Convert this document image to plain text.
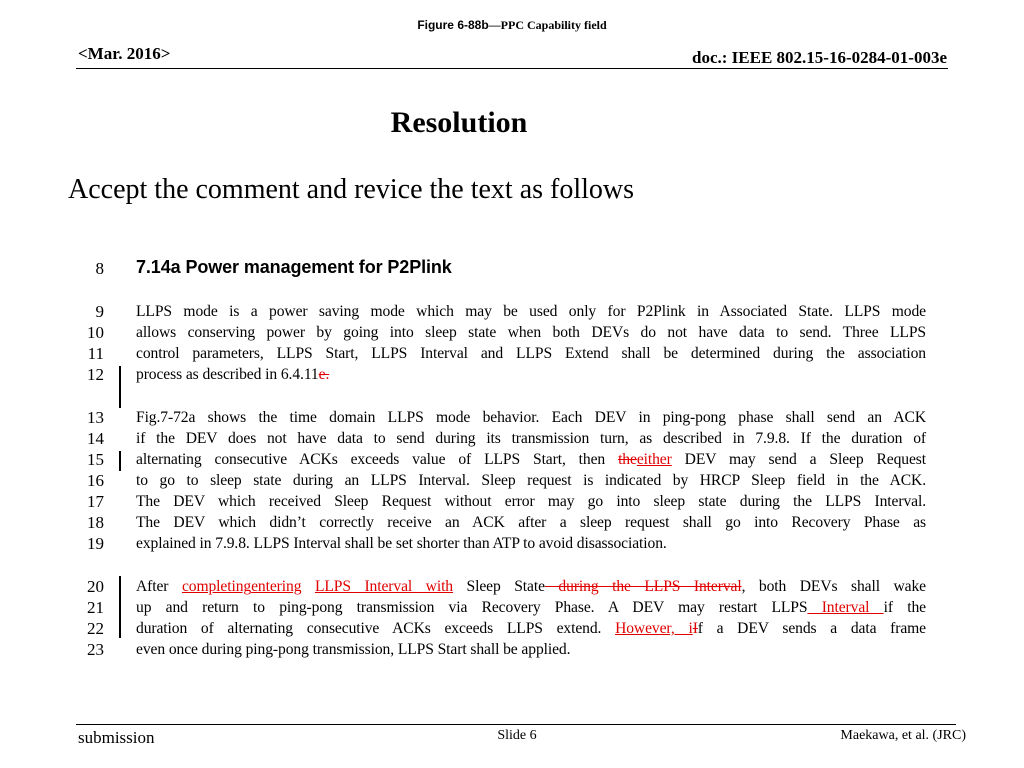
Figure 6-88b—PPC Capability field
<Mar. 2016>	doc.: IEEE 802.15-16-0284-01-003e
Resolution
Accept the comment and revice the text as follows
8
9
10
11
12
13
14
15
16
17
18
19
20
21
22
23
7.14a Power management for P2Plink
LLPS mode is a power saving mode which may be used only for P2Plink in Associated State. LLPS mode
allows conserving power by going into sleep state when both DEVs do not have data to send. Three LLPS
control parameters, LLPS Start, LLPS Interval and LLPS Extend shall be determined during the association
process as described in 6.4.11e.
Fig.7-72a shows the time domain LLPS mode behavior. Each DEV in ping-pong phase shall send an ACK
if the DEV does not have data to send during its transmission turn, as described in 7.9.8. If the duration of
alternating consecutive ACKs exceeds value of LLPS Start, then theeither DEV may send a Sleep Request
to go to sleep state during an LLPS Interval. Sleep request is indicated by HRCP Sleep field in the ACK.
The DEV which received Sleep Request without error may go into sleep state during the LLPS Interval.
The DEV which didn’t correctly receive an ACK after a sleep request shall go into Recovery Phase as
explained in 7.9.8. LLPS Interval shall be set shorter than ATP to avoid disassociation.
After completingentering LLPS Interval with Sleep State during the LLPS Interval, both DEVs shall wake
up and return to ping-pong transmission via Recovery Phase. A DEV may restart LLPS Interval if the
duration of alternating consecutive ACKs exceeds LLPS extend. However, iIf a DEV sends a data frame
even once during ping-pong transmission, LLPS Start shall be applied.
submission	Slide 6	Maekawa, et al. (JRC)
